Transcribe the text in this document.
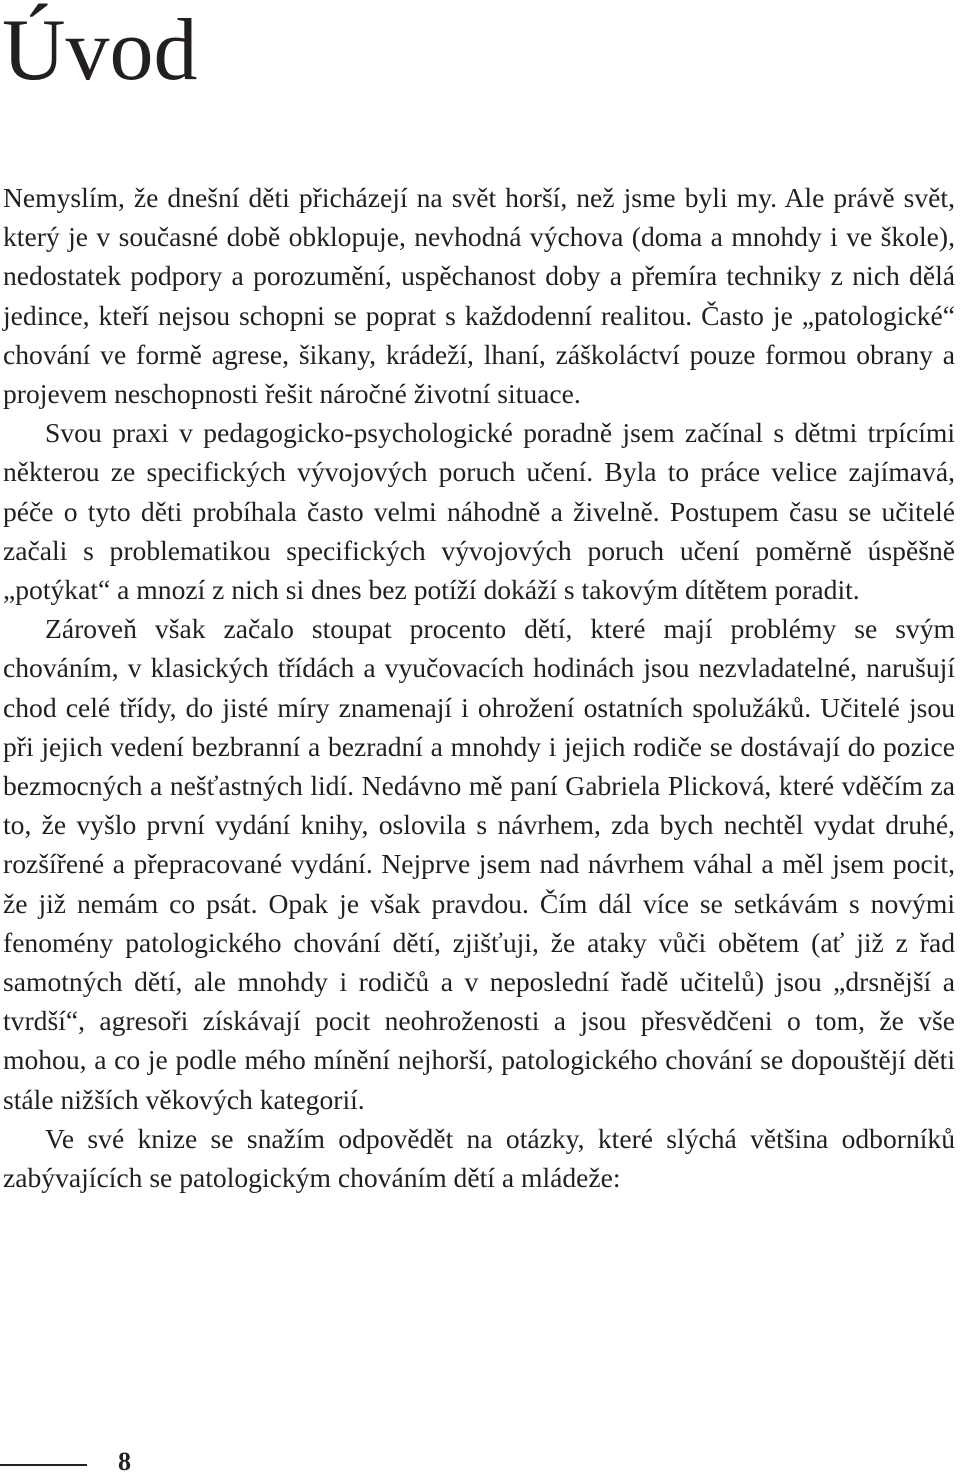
Úvod

Nemyslím, že dnešní děti přicházejí na svět horší, než jsme byli my. Ale právě svět, který je v současné době obklopuje, nevhodná výchova (doma a mnohdy i ve škole), nedostatek podpory a porozumění, uspěchanost doby a přemíra techniky z nich dělá jedince, kteří nejsou schopni se poprat s každodenní realitou. Často je „patologické“ chování ve formě agrese, šikany, krádeží, lhaní, záškoláctví pouze formou obrany a projevem neschopnosti řešit náročné životní situace.

Svou praxi v pedagogicko-psychologické poradně jsem začínal s dětmi trpícími některou ze specifických vývojových poruch učení. Byla to práce velice zajímavá, péče o tyto děti probíhala často velmi náhodně a živelně. Postupem času se učitelé začali s problematikou specifických vývojových poruch učení poměrně úspěšně „potýkat“ a mnozí z nich si dnes bez potíží dokáží s takovým dítětem poradit.

Zároveň však začalo stoupat procento dětí, které mají problémy se svým chováním, v klasických třídách a vyučovacích hodinách jsou nezvladatelné, narušují chod celé třídy, do jisté míry znamenají i ohrožení ostatních spolužáků. Učitelé jsou při jejich vedení bezbranní a bezradní a mnohdy i jejich rodiče se dostávají do pozice bezmocných a nešťastných lidí. Nedávno mě paní Gabriela Plicková, které vděčím za to, že vyšlo první vydání knihy, oslovila s návrhem, zda bych nechtěl vydat druhé, rozšířené a přepracované vydání. Nejprve jsem nad návrhem váhal a měl jsem pocit, že již nemám co psát. Opak je však pravdou. Čím dál více se setkávám s novými fenomény patologického chování dětí, zjišťuji, že ataky vůči obětem (ať již z řad samotných dětí, ale mnohdy i rodičů a v neposlední řadě učitelů) jsou „drsnější a tvrdší“, agresoři získávají pocit neohroženosti a jsou přesvědčeni o tom, že vše mohou, a co je podle mého mínění nejhorší, patologického chování se dopouštějí děti stále nižších věkových kategorií.

Ve své knize se snažím odpovědět na otázky, které slýchá většina odborníků zabývajících se patologickým chováním dětí a mládeže:

8
